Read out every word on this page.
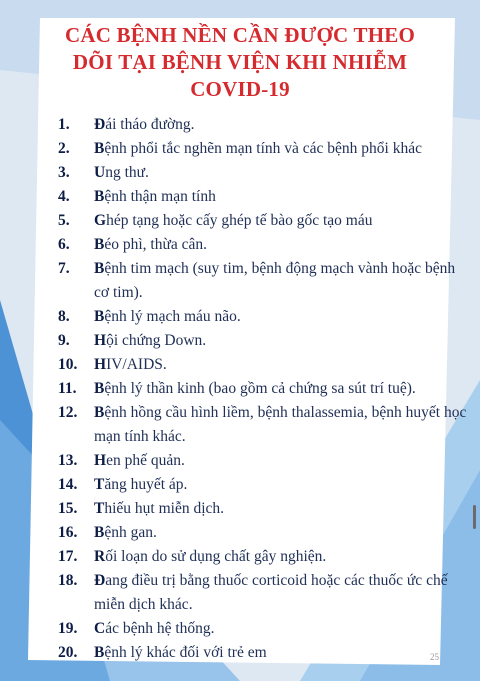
CÁC BỆNH NỀN CẦN ĐƯỢC THEO
DÕI TẠI BỆNH VIỆN KHI NHIỄM
COVID-19
1.	Đái tháo đường.
2.	Bệnh phổi tắc nghẽn mạn tính và các bệnh phổi khác
3.	Ung thư.
4.	Bệnh thận mạn tính
5.	Ghép tạng hoặc cấy ghép tế bào gốc tạo máu
6.	Béo phì, thừa cân.
7.	Bệnh tim mạch (suy tim, bệnh động mạch vành hoặc bệnh cơ tim).
8.	Bệnh lý mạch máu não.
9.	Hội chứng Down.
10.	HIV/AIDS.
11.	Bệnh lý thần kinh (bao gồm cả chứng sa sút trí tuệ).
12.	Bệnh hồng cầu hình liềm, bệnh thalassemia, bệnh huyết học mạn tính khác.
13.	Hen phế quản.
14.	Tăng huyết áp.
15.	Thiếu hụt miễn dịch.
16.	Bệnh gan.
17.	Rối loạn do sử dụng chất gây nghiện.
18.	Đang điều trị bằng thuốc corticoid hoặc các thuốc ức chế miễn dịch khác.
19.	Các bệnh hệ thống.
20.	Bệnh lý khác đối với trẻ em	25
